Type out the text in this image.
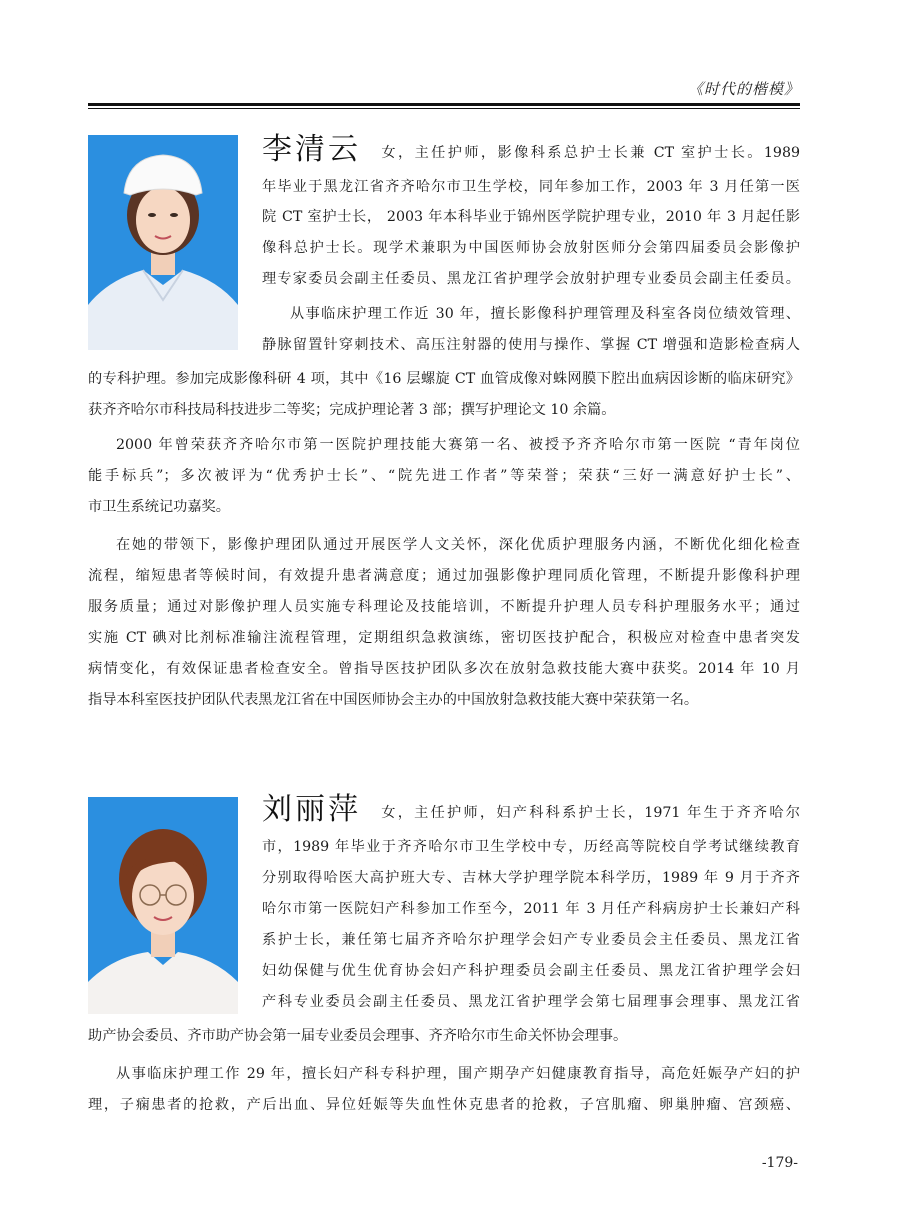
《时代的楷模》

李清云 女，主任护师，影像科系总护士长兼 CT 室护士长。1989

年毕业于黑龙江省齐齐哈尔市卫生学校，同年参加工作，2003 年 3 月任第一医

院 CT 室护士长， 2003 年本科毕业于锦州医学院护理专业，2010 年 3 月起任影

像科总护士长。现学术兼职为中国医师协会放射医师分会第四届委员会影像护

理专家委员会副主任委员、黑龙江省护理学会放射护理专业委员会副主任委员。

从事临床护理工作近 30 年，擅长影像科护理管理及科室各岗位绩效管理、

静脉留置针穿刺技术、高压注射器的使用与操作、掌握 CT 增强和造影检查病人

的专科护理。参加完成影像科研 4 项，其中《16 层螺旋 CT 血管成像对蛛网膜下腔出血病因诊断的临床研究》

获齐齐哈尔市科技局科技进步二等奖；完成护理论著 3 部；撰写护理论文 10 余篇。

2000 年曾荣获齐齐哈尔市第一医院护理技能大赛第一名、被授予齐齐哈尔市第一医院 “青年岗位

能手标兵”；多次被评为“优秀护士长”、“院先进工作者”等荣誉；荣获“三好一满意好护士长”、

市卫生系统记功嘉奖。

在她的带领下，影像护理团队通过开展医学人文关怀，深化优质护理服务内涵，不断优化细化检查

流程，缩短患者等候时间，有效提升患者满意度；通过加强影像护理同质化管理，不断提升影像科护理

服务质量；通过对影像护理人员实施专科理论及技能培训，不断提升护理人员专科护理服务水平；通过

实施 CT 碘对比剂标准输注流程管理，定期组织急救演练，密切医技护配合，积极应对检查中患者突发

病情变化，有效保证患者检查安全。曾指导医技护团队多次在放射急救技能大赛中获奖。2014 年 10 月

指导本科室医技护团队代表黑龙江省在中国医师协会主办的中国放射急救技能大赛中荣获第一名。

刘丽萍 女，主任护师，妇产科科系护士长，1971 年生于齐齐哈尔

市，1989 年毕业于齐齐哈尔市卫生学校中专，历经高等院校自学考试继续教育

分别取得哈医大高护班大专、吉林大学护理学院本科学历，1989 年 9 月于齐齐

哈尔市第一医院妇产科参加工作至今，2011 年 3 月任产科病房护士长兼妇产科

系护士长，兼任第七届齐齐哈尔护理学会妇产专业委员会主任委员、黑龙江省

妇幼保健与优生优育协会妇产科护理委员会副主任委员、黑龙江省护理学会妇

产科专业委员会副主任委员、黑龙江省护理学会第七届理事会理事、黑龙江省

助产协会委员、齐市助产协会第一届专业委员会理事、齐齐哈尔市生命关怀协会理事。

从事临床护理工作 29 年，擅长妇产科专科护理，围产期孕产妇健康教育指导，高危妊娠孕产妇的护

理，子痫患者的抢救，产后出血、异位妊娠等失血性休克患者的抢救，子宫肌瘤、卵巢肿瘤、宫颈癌、

-179-
